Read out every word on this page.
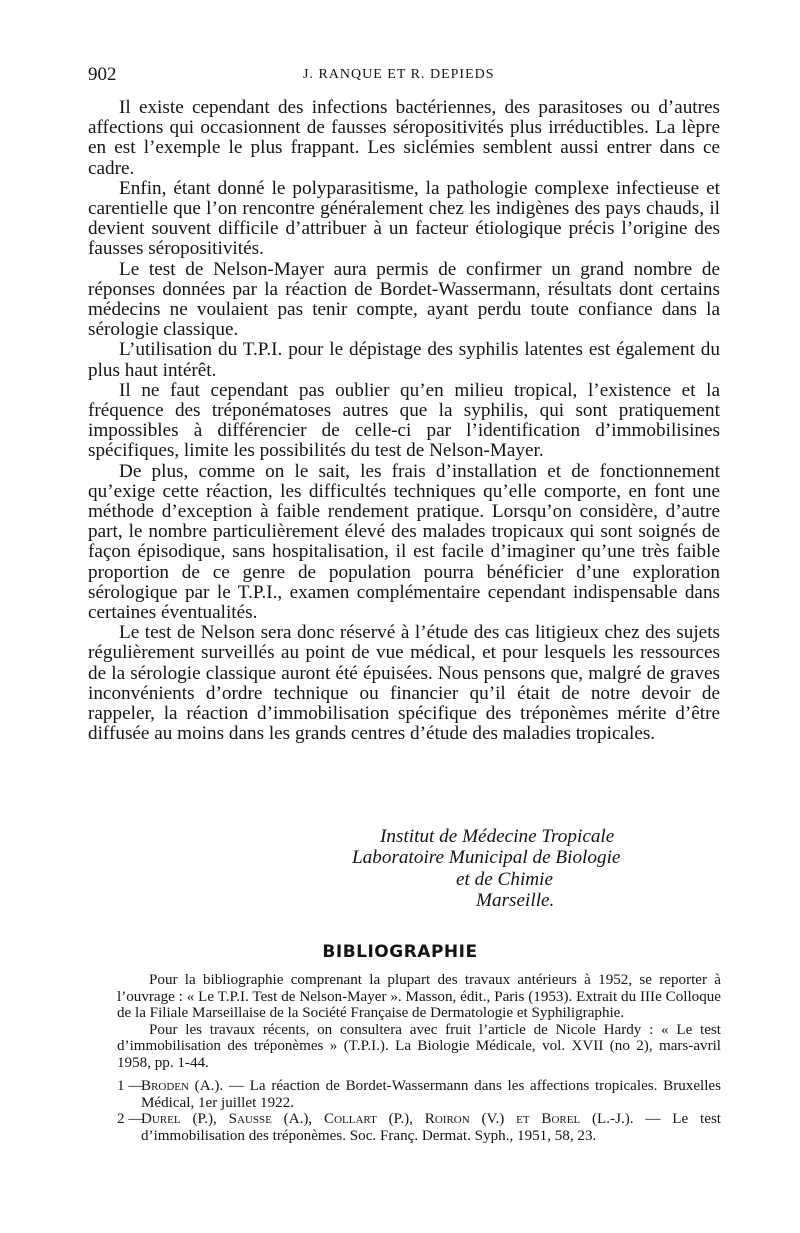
902	J. RANQUE ET R. DEPIEDS

Il existe cependant des infections bactériennes, des parasitoses ou d’autres affections qui occasionnent de fausses séropositivités plus irréductibles. La lèpre en est l’exemple le plus frappant. Les siclémies semblent aussi entrer dans ce cadre.

Enfin, étant donné le polyparasitisme, la pathologie complexe infectieuse et carentielle que l’on rencontre généralement chez les indigènes des pays chauds, il devient souvent difficile d’attribuer à un facteur étiologique précis l’origine des fausses séropositivités.

Le test de Nelson-Mayer aura permis de confirmer un grand nombre de réponses données par la réaction de Bordet-Wassermann, résultats dont certains médecins ne voulaient pas tenir compte, ayant perdu toute confiance dans la sérologie classique.

L’utilisation du T.P.I. pour le dépistage des syphilis latentes est également du plus haut intérêt.

Il ne faut cependant pas oublier qu’en milieu tropical, l’existence et la fréquence des tréponématoses autres que la syphilis, qui sont pratiquement impossibles à différencier de celle-ci par l’identification d’immobilisines spécifiques, limite les possibilités du test de Nelson-Mayer.

De plus, comme on le sait, les frais d’installation et de fonctionnement qu’exige cette réaction, les difficultés techniques qu’elle comporte, en font une méthode d’exception à faible rendement pratique. Lorsqu’on considère, d’autre part, le nombre particulièrement élevé des malades tropicaux qui sont soignés de façon épisodique, sans hospitalisation, il est facile d’imaginer qu’une très faible proportion de ce genre de population pourra bénéficier d’une exploration sérologique par le T.P.I., examen complémentaire cependant indispensable dans certaines éventualités.

Le test de Nelson sera donc réservé à l’étude des cas litigieux chez des sujets régulièrement surveillés au point de vue médical, et pour lesquels les ressources de la sérologie classique auront été épuisées. Nous pensons que, malgré de graves inconvénients d’ordre technique ou financier qu’il était de notre devoir de rappeler, la réaction d’immobilisation spécifique des tréponèmes mérite d’être diffusée au moins dans les grands centres d’étude des maladies tropicales.

Institut de Médecine Tropicale
Laboratoire Municipal de Biologie
et de Chimie
Marseille.
BIBLIOGRAPHIE

Pour la bibliographie comprenant la plupart des travaux antérieurs à 1952, se reporter à l’ouvrage : « Le T.P.I. Test de Nelson-Mayer ». Masson, édit., Paris (1953). Extrait du IIIe Colloque de la Filiale Marseillaise de la Société Française de Dermatologie et Syphiligraphie.

Pour les travaux récents, on consultera avec fruit l’article de Nicole Hardy : « Le test d’immobilisation des tréponèmes » (T.P.I.). La Biologie Médicale, vol. XVII (no 2), mars-avril 1958, pp. 1-44.

1 —
Broden (A.). — La réaction de Bordet-Wassermann dans les affections tropicales. Bruxelles Médical, 1er juillet 1922.
2 —
Durel (P.), Sausse (A.), Collart (P.), Roiron (V.) et Borel (L.-J.). — Le test d’immobilisation des tréponèmes. Soc. Franç. Dermat. Syph., 1951, 58, 23.
